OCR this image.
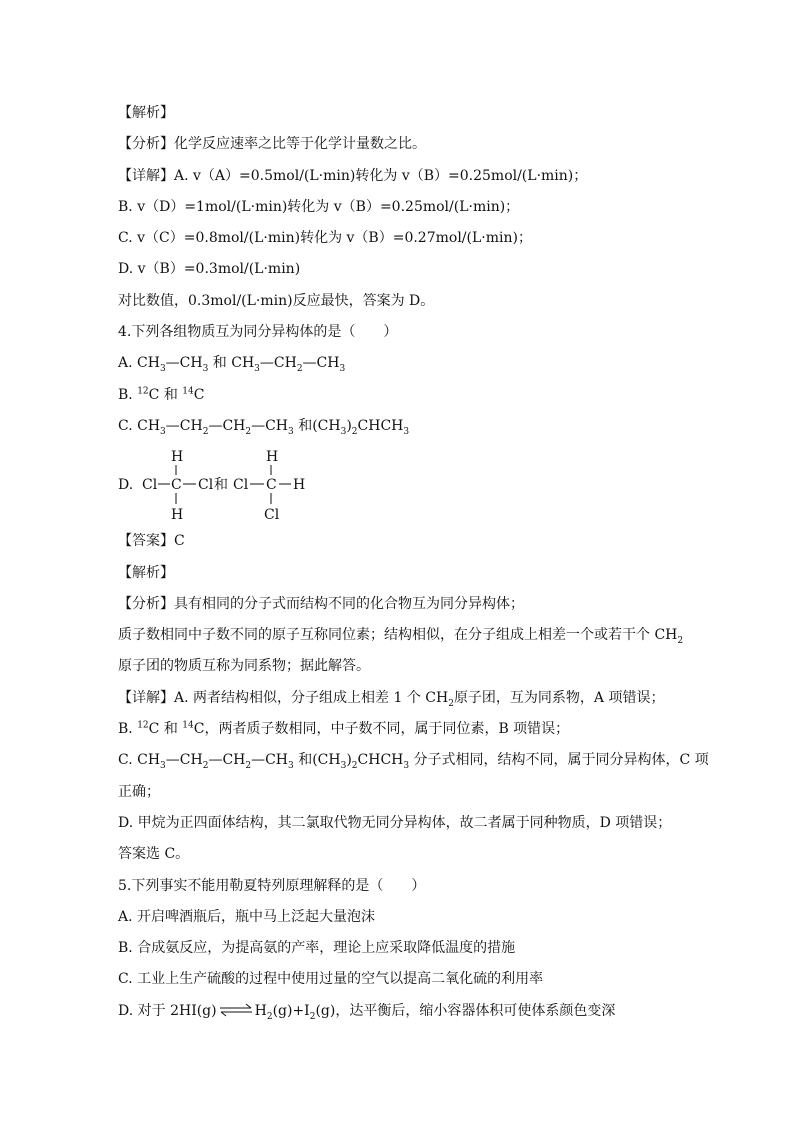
【解析】
【分析】化学反应速率之比等于化学计量数之比。
【详解】A. v（A）=0.5mol/(L·min)转化为 v（B）=0.25mol/(L·min)；
B. v（D）=1mol/(L·min)转化为 v（B）=0.25mol/(L·min)；
C. v（C）=0.8mol/(L·min)转化为 v（B）=0.27mol/(L·min)；
D. v（B）=0.3mol/(L·min)
对比数值，0.3mol/(L·min)反应最快，答案为 D。
4.下列各组物质互为同分异构体的是（　　）
A. $CH_3—CH_3$ 和 $CH_3—CH_2—CH_3$
B. $^{12}$C 和 $^{14}$C
C. $CH_3—CH_2—CH_2—CH_3$ 和$(CH_3)_2CHCH_3$
D.
H
Cl C Cl
H
和
H
Cl C H
Cl
【答案】C
【解析】
【分析】具有相同的分子式而结构不同的化合物互为同分异构体；
质子数相同中子数不同的原子互称同位素；结构相似，在分子组成上相差一个或若干个 $CH_2$
原子团的物质互称为同系物；据此解答。
【详解】A. 两者结构相似，分子组成上相差 1 个 $CH_2$原子团，互为同系物，A 项错误；
B. $^{12}$C 和 $^{14}$C，两者质子数相同，中子数不同，属于同位素，B 项错误；
C. $CH_3—CH_2—CH_2—CH_3$ 和$(CH_3)_2CHCH_3$ 分子式相同，结构不同，属于同分异构体，C 项
正确；
D. 甲烷为正四面体结构，其二氯取代物无同分异构体，故二者属于同种物质，D 项错误；
答案选 C。
5.下列事实不能用勒夏特列原理解释的是（　　）
A. 开启啤酒瓶后，瓶中马上泛起大量泡沫
B. 合成氨反应，为提高氨的产率，理论上应采取降低温度的措施
C. 工业上生产硫酸的过程中使用过量的空气以提高二氧化硫的利用率
D. 对于 2HI(g) ⇌ $H_2(g)+I_2(g)$，达平衡后，缩小容器体积可使体系颜色变深
